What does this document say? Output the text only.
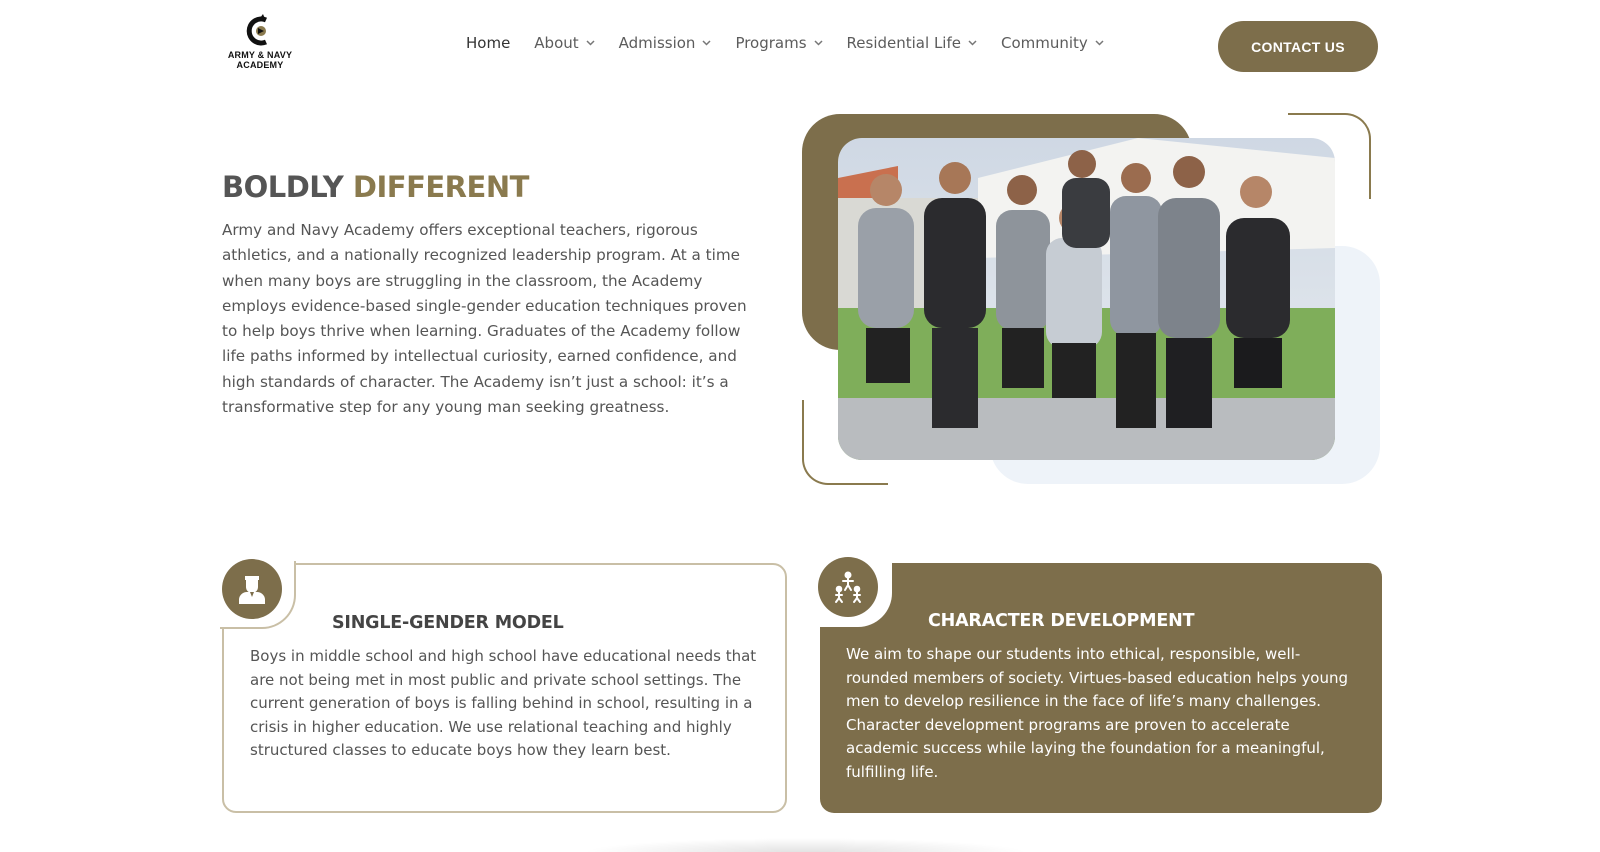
ARMY & NAVY
ACADEMY
Home About	Admission	Programs	Residential Life	Community	CONTACT US
BOLDLY DIFFERENT

Army and Navy Academy offers exceptional teachers, rigorous athletics, and a nationally recognized leadership program. At a time when many boys are struggling in the classroom, the Academy employs evidence-based single-gender education techniques proven to help boys thrive when learning. Graduates of the Academy follow life paths informed by intellectual curiosity, earned confidence, and high standards of character. The Academy isn’t just a school: it’s a transformative step for any young man seeking greatness.

SINGLE-GENDER MODEL

Boys in middle school and high school have educational needs that are not being met in most public and private school settings. The current generation of boys is falling behind in school, resulting in a crisis in higher education. We use relational teaching and highly structured classes to educate boys how they learn best.

CHARACTER DEVELOPMENT

We aim to shape our students into ethical, responsible, well-rounded members of society. Virtues-based education helps young men to develop resilience in the face of life’s many challenges. Character development programs are proven to accelerate academic success while laying the foundation for a meaningful, fulfilling life.
